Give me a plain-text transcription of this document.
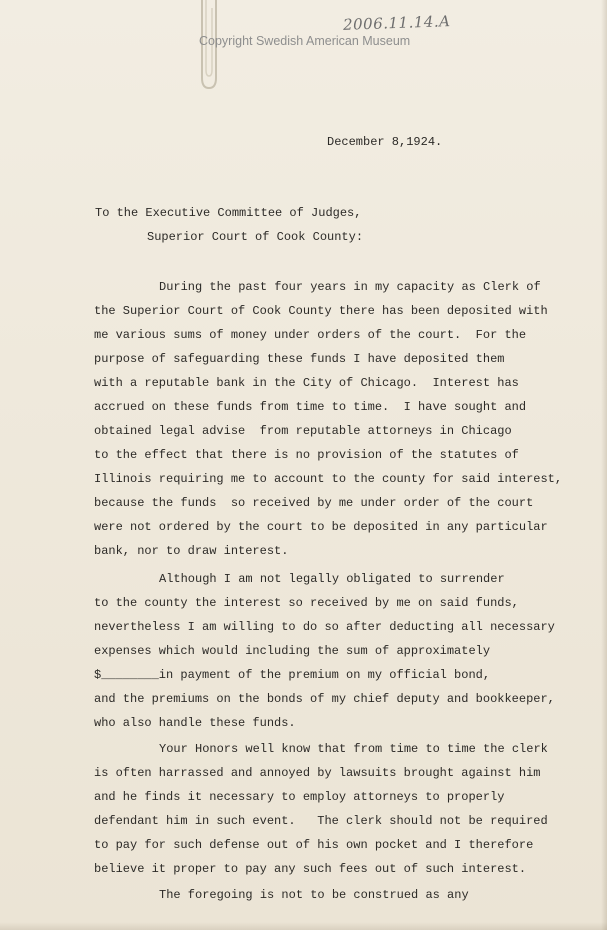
2006.11.14.A
Copyright Swedish American Museum

December 8,1924.

To the Executive Committee of Judges,

Superior Court of Cook County:

During the past four years in my capacity as Clerk of

the Superior Court of Cook County there has been deposited with

me various sums of money under orders of the court.  For the

purpose of safeguarding these funds I have deposited them

with a reputable bank in the City of Chicago.  Interest has

accrued on these funds from time to time.  I have sought and

obtained legal advise  from reputable attorneys in Chicago

to the effect that there is no provision of the statutes of

Illinois requiring me to account to the county for said interest,

because the funds  so received by me under order of the court

were not ordered by the court to be deposited in any particular

bank, nor to draw interest.

Although I am not legally obligated to surrender

to the county the interest so received by me on said funds,

nevertheless I am willing to do so after deducting all necessary

expenses which would including the sum of approximately

$________in payment of the premium on my official bond,

and the premiums on the bonds of my chief deputy and bookkeeper,

who also handle these funds.

Your Honors well know that from time to time the clerk

is often harrassed and annoyed by lawsuits brought against him

and he finds it necessary to employ attorneys to properly

defendant him in such event.   The clerk should not be required

to pay for such defense out of his own pocket and I therefore

believe it proper to pay any such fees out of such interest.

The foregoing is not to be construed as any
